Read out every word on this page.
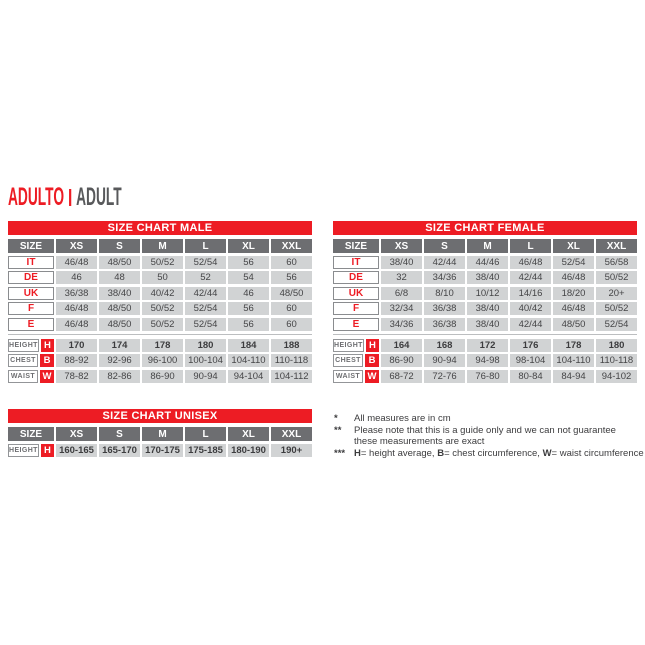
ADULTO ADULT
SIZE CHART MALE
SIZE	XS	S	M	L	XL	XXL
IT	46/48	48/50	50/52	52/54	56	60
DE	46	48	50	52	54	56
UK	36/38	38/40	40/42	42/44	46	48/50
F	46/48	48/50	50/52	52/54	56	60
E	46/48	48/50	50/52	52/54	56	60
HEIGHT H	170	174	178	180	184	188
CHEST B	88-92	92-96	96-100	100-104 104-110 110-118
WAIST W	78-82	82-86	86-90	90-94	94-104	104-112
SIZE CHART FEMALE
SIZE	XS	S	M	L	XL	XXL
IT	38/40	42/44	44/46	46/48	52/54	56/58
DE	32	34/36	38/40	42/44	46/48	50/52
UK	6/8	8/10	10/12	14/16	18/20	20+
F	32/34	36/38	38/40	40/42	46/48	50/52
E	34/36	36/38	38/40	42/44	48/50	52/54
HEIGHT H	164	168	172	176	178	180
CHEST B	86-90	90-94	94-98	98-104	104-110 110-118
WAIST W	68-72	72-76	76-80	80-84	84-94	94-102
SIZE CHART UNISEX
SIZE	XS	S	M	L	XL	XXL
HEIGHT H 160-165 165-170 170-175 175-185 180-190	190+
*	All measures are in cm
**	Please note that this is a guide only and we can not guarantee
these measurements are exact
*** H= height average, B= chest circumference, W= waist circumference
